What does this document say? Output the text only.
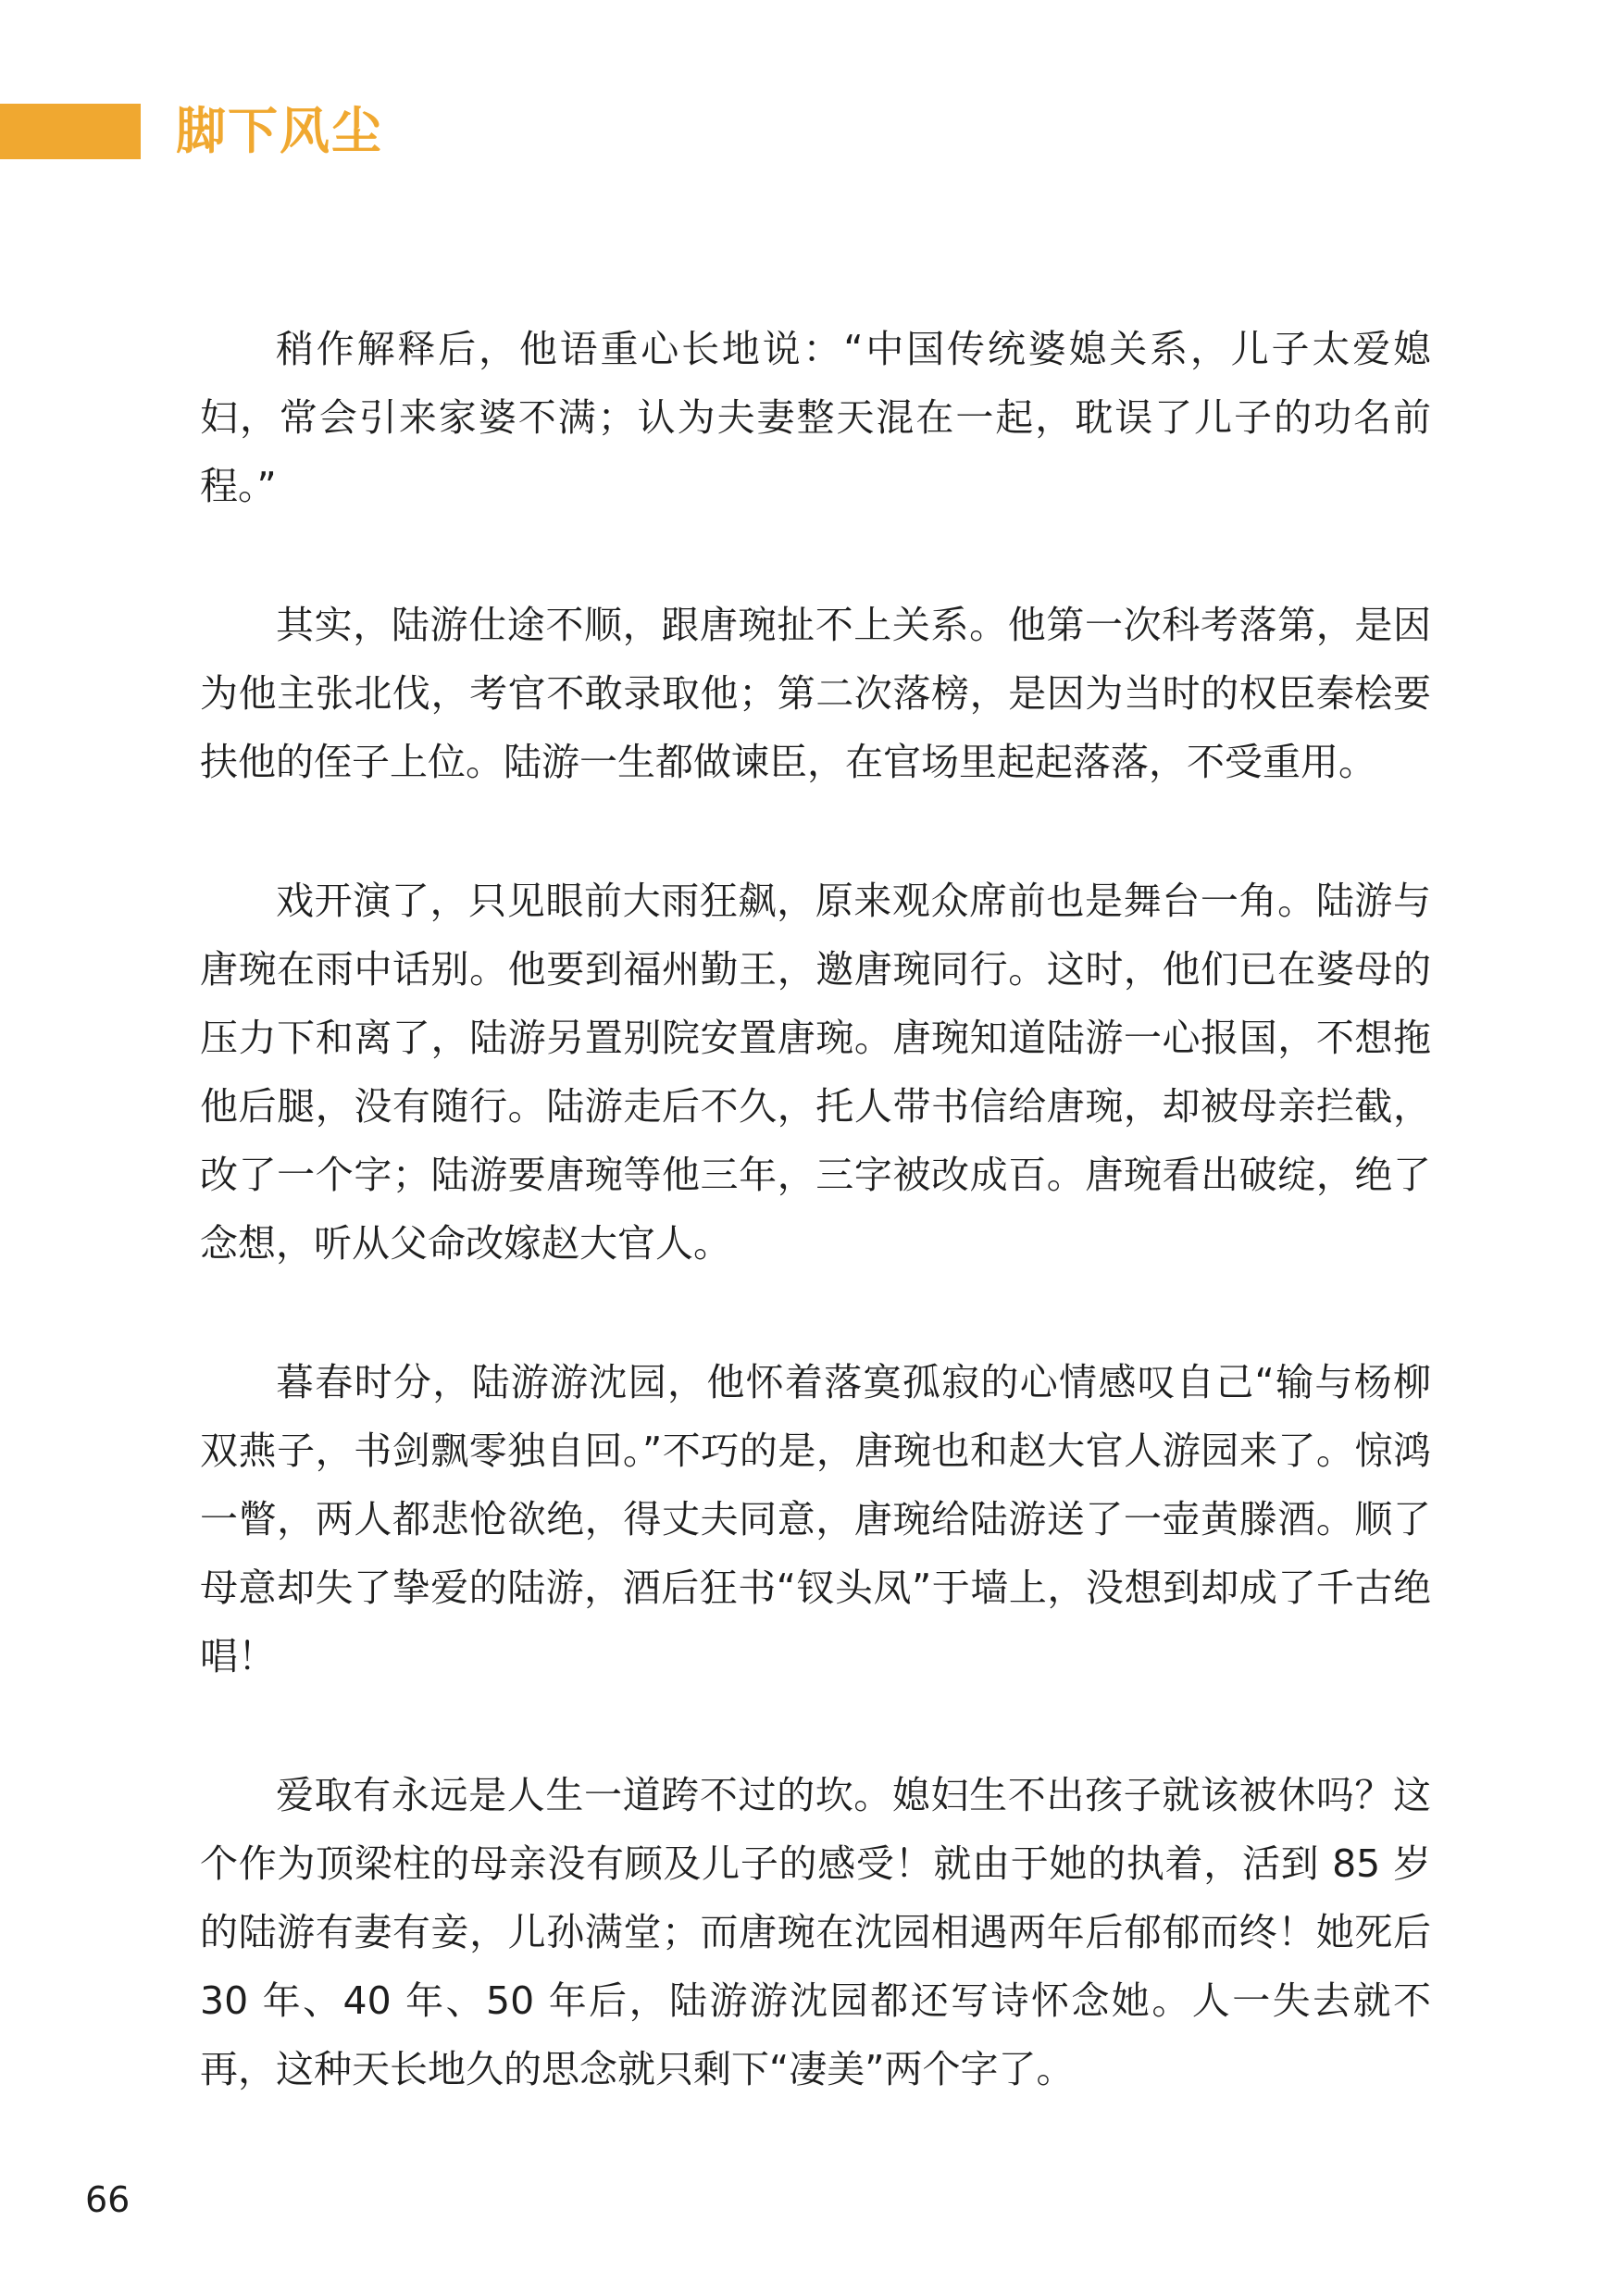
脚下风尘

稍作解释后，他语重心长地说：“中国传统婆媳关系，儿子太爱媳妇，常会引来家婆不满；认为夫妻整天混在一起，耽误了儿子的功名前程。”

其实，陆游仕途不顺，跟唐琬扯不上关系。他第一次科考落第，是因为他主张北伐，考官不敢录取他；第二次落榜，是因为当时的权臣秦桧要扶他的侄子上位。陆游一生都做谏臣，在官场里起起落落，不受重用。

戏开演了，只见眼前大雨狂飙，原来观众席前也是舞台一角。陆游与唐琬在雨中话别。他要到福州勤王，邀唐琬同行。这时，他们已在婆母的压力下和离了，陆游另置别院安置唐琬。唐琬知道陆游一心报国，不想拖他后腿，没有随行。陆游走后不久，托人带书信给唐琬，却被母亲拦截，改了一个字；陆游要唐琬等他三年，三字被改成百。唐琬看出破绽，绝了念想，听从父命改嫁赵大官人。

暮春时分，陆游游沈园，他怀着落寞孤寂的心情感叹自己“输与杨柳双燕子，书剑飘零独自回。”不巧的是，唐琬也和赵大官人游园来了。惊鸿一瞥，两人都悲怆欲绝，得丈夫同意，唐琬给陆游送了一壶黄滕酒。顺了母意却失了挚爱的陆游，酒后狂书“钗头凤”于墙上，没想到却成了千古绝唱！

爱取有永远是人生一道跨不过的坎。媳妇生不出孩子就该被休吗？这个作为顶梁柱的母亲没有顾及儿子的感受！就由于她的执着，活到 85 岁的陆游有妻有妾，儿孙满堂；而唐琬在沈园相遇两年后郁郁而终！她死后 30 年、40 年、50 年后，陆游游沈园都还写诗怀念她。人一失去就不再，这种天长地久的思念就只剩下“凄美”两个字了。

66
